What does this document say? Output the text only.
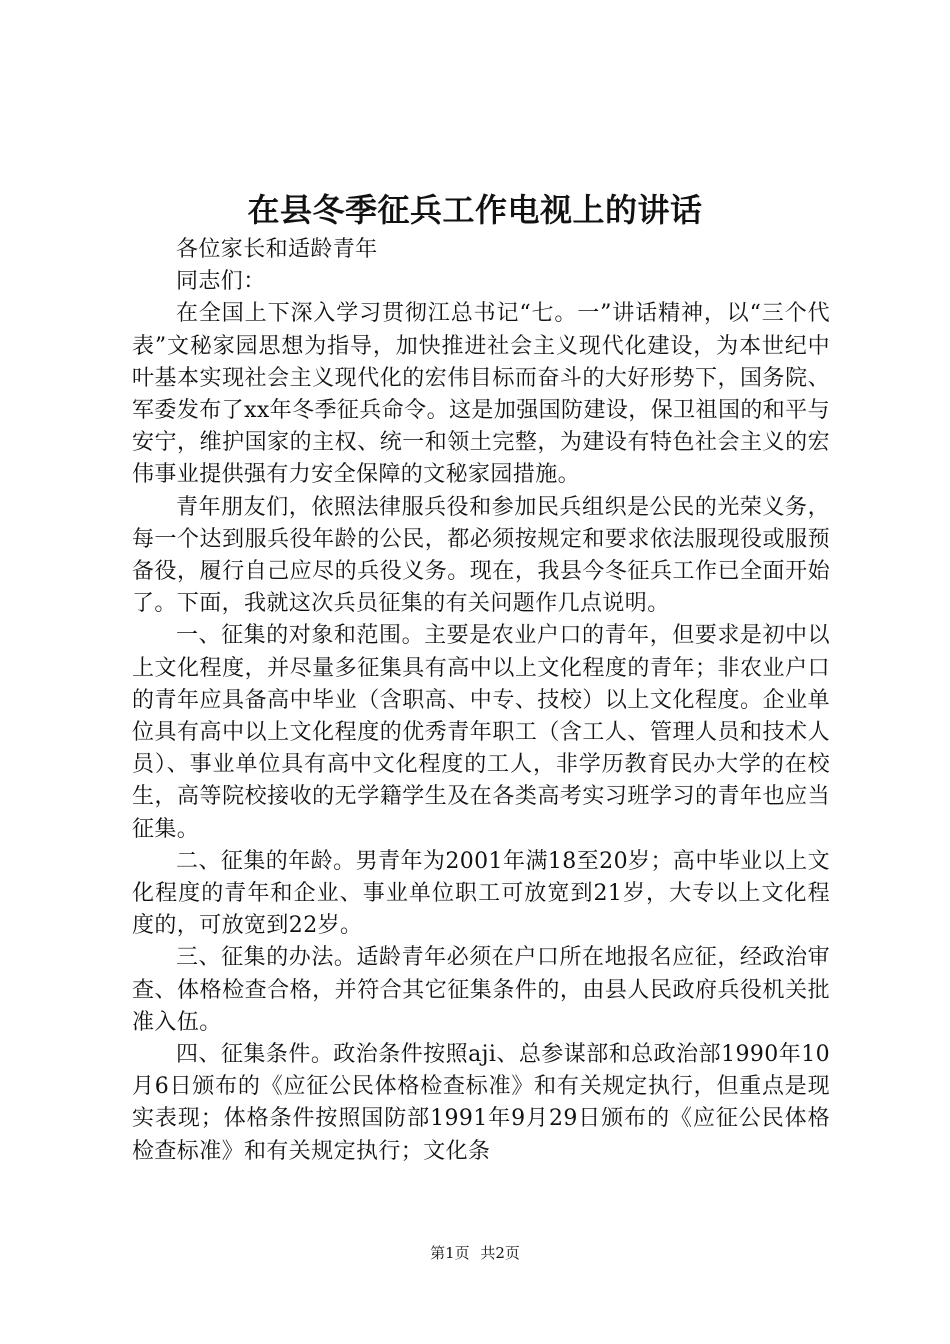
在县冬季征兵工作电视上的讲话

各位家长和适龄青年

同志们：

在全国上下深入学习贯彻江总书记“七。一”讲话精神，以“三个代表”文秘家园思想为指导，加快推进社会主义现代化建设，为本世纪中叶基本实现社会主义现代化的宏伟目标而奋斗的大好形势下，国务院、军委发布了xx年冬季征兵命令。这是加强国防建设，保卫祖国的和平与安宁，维护国家的主权、统一和领土完整，为建设有特色社会主义的宏伟事业提供强有力安全保障的文秘家园措施。

青年朋友们，依照法律服兵役和参加民兵组织是公民的光荣义务，每一个达到服兵役年龄的公民，都必须按规定和要求依法服现役或服预备役，履行自己应尽的兵役义务。现在，我县今冬征兵工作已全面开始了。下面，我就这次兵员征集的有关问题作几点说明。

一、征集的对象和范围。主要是农业户口的青年，但要求是初中以上文化程度，并尽量多征集具有高中以上文化程度的青年；非农业户口的青年应具备高中毕业（含职高、中专、技校）以上文化程度。企业单位具有高中以上文化程度的优秀青年职工（含工人、管理人员和技术人员）、事业单位具有高中文化程度的工人，非学历教育民办大学的在校生，高等院校接收的无学籍学生及在各类高考实习班学习的青年也应当征集。

二、征集的年龄。男青年为2001年满18至20岁；高中毕业以上文化程度的青年和企业、事业单位职工可放宽到21岁，大专以上文化程度的，可放宽到22岁。

三、征集的办法。适龄青年必须在户口所在地报名应征，经政治审查、体格检查合格，并符合其它征集条件的，由县人民政府兵役机关批准入伍。

四、征集条件。政治条件按照aji、总参谋部和总政治部1990年10月6日颁布的《应征公民体格检查标准》和有关规定执行，但重点是现实表现；体格条件按照国防部1991年9月29日颁布的《应征公民体格检查标准》和有关规定执行；文化条

第1页 共2页
